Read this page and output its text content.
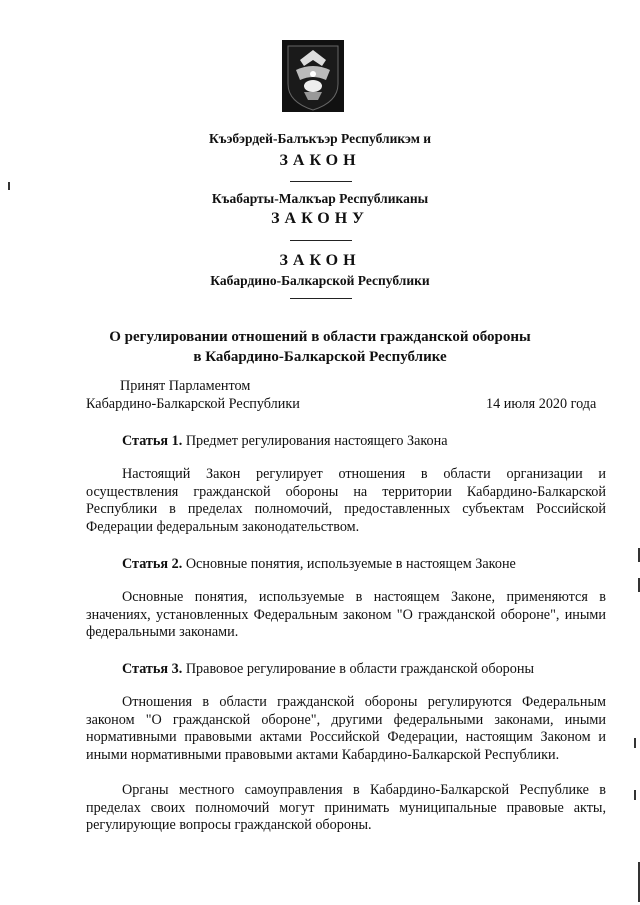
Къэбэрдей-Балъкъэр Республикэм и
ЗАКОН
Къабарты-Малкъар Республиканы
ЗАКОНУ
ЗАКОН
Кабардино-Балкарской Республики
О регулировании отношений в области гражданской обороны
в Кабардино-Балкарской Республике
Принят Парламентом
Кабардино-Балкарской Республики	14 июля 2020 года
Статья 1. Предмет регулирования настоящего Закона
Настоящий Закон регулирует отношения в области организации и осуществления гражданской обороны на территории Кабардино-Балкарской Республики в пределах полномочий, предоставленных субъектам Российской Федерации федеральным законодательством.
Статья 2. Основные понятия, используемые в настоящем Законе
Основные понятия, используемые в настоящем Законе, применяются в значениях, установленных Федеральным законом "О гражданской обороне", иными федеральными законами.
Статья 3. Правовое регулирование в области гражданской обороны
Отношения в области гражданской обороны регулируются Федеральным законом "О гражданской обороне", другими федеральными законами, иными нормативными правовыми актами Российской Федерации, настоящим Законом и иными нормативными правовыми актами Кабардино-Балкарской Республики.
Органы местного самоуправления в Кабардино-Балкарской Республике в пределах своих полномочий могут принимать муниципальные правовые акты, регулирующие вопросы гражданской обороны.
